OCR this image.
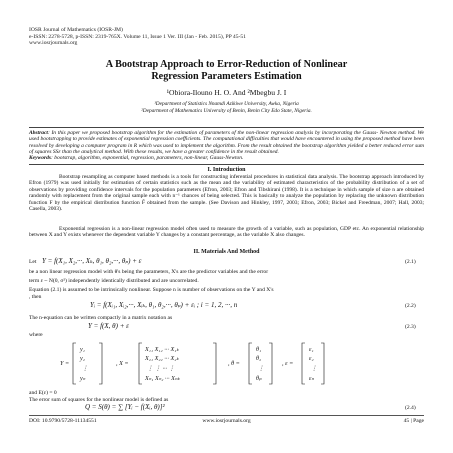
IOSR Journal of Mathematics (IOSR-JM)
e-ISSN: 2278-5728, p-ISSN: 2319-765X. Volume 11, Issue 1 Ver. III (Jan - Feb. 2015), PP 45-51
www.iosrjournals.org
A Bootstrap Approach to Error-Reduction of Nonlinear
Regression Parameters Estimation
¹Obiora-Ilouno H. O. And ²Mbegbu J. I
¹Department of Statistics Nnamdi Azikiwe University, Awka, Nigeria
²Department of Mathematics University of Benin, Benin City Edo State, Nigeria.
Abstract: In this paper we proposed bootstrap algorithm for the estimation of parameters of the non-linear regression analysis by incorporating the Gauss- Newton method. We used bootstrapping to provide estimates of exponential regression coefficients. The computational difficulties that would have encountered in using the proposed method have been resolved by developing a computer program in R which was used to implement the algorithm. From the result obtained the bootstrap algorithm yielded a better reduced error sum of squares SSε than the analytical method. With these results, we have a greater confidence in the result obtained.
Keywords: bootstrap, algorithm, exponential, regression, parameters, non-linear, Gauss-Newton.
I. Introduction
Bootstrap resampling as computer based methods is a tools for constructing inferential procedures in statistical data analysis. The bootstrap approach introduced by Efron (1979) was used initially for estimation of certain statistics such as the mean and the variability of estimated characteristics of the probability distribution of a set of observations by providing confidence intervals for the population parameters (Efron, 2003; Efron and Tibshirani (1998). It is a technique in which sample of size n are obtained randomly with replacement from the original sample each with n⁻¹ chances of being selected. This is basically to analyze the population by replacing the unknown distribution function F by the empirical distribution function F̂ obtained from the sample. (See Davison and Hinkley, 1997, 2003; Efron, 2003; Bickel and Freedman, 2007; Hall, 2003; Casella, 2003).
Exponential regression is a non-linear regression model often used to measure the growth of a variable, such as population, GDP etc. An exponential relationship between X and Y exists whenever the dependent variable Y changes by a constant percentage, as the variable X also changes.
II. Materials And Method
Let Y = f(X₁, X₂,···, Xₖ, θ₁, θ₂,···, θₚ) + ε	(2.1)
be a non linear regression model with θ's being the parameters, X's are the predictor variables and the error
term ε ~ N(0, σ²) independently identically distributed and are uncorrelated.
Equation (2.1) is assumed to be intrinsically nonlinear. Suppose n is number of observations on the Y and X's
, then
Yᵢ = f(Xᵢ₁, Xᵢ₂,···, Xᵢₖ, θ₁, θ₂,···, θₚ) + εᵢ ; i = 1, 2, ···, n	(2.2)
The n-equation can be written compactly in a matrix notation as
Y = f(X, θ) + ε	(2.3)
where
Y =
y₁
y₂
⋮
yₙ
, X =
X₁₁ X₁₂ ··· X₁ₖ
X₂₁ X₂₂ ··· X₂ₖ
⋮ ⋮ ··· ⋮
Xₙ₁ Xₙ₂ ··· Xₙₖ
, θ =
θ₁
θ₂
⋮
θₚ
, ε =
ε₁
ε₂
⋮
εₙ
and E(ε) = 0
The error sum of squares for the nonlinear model is defined as
Q = S(θ) = ∑ [Yᵢ − f(Xᵢ, θ)]²	(2.4)
DOI: 10.9790/5728-11134551	www.iosrjournals.org	45 | Page
